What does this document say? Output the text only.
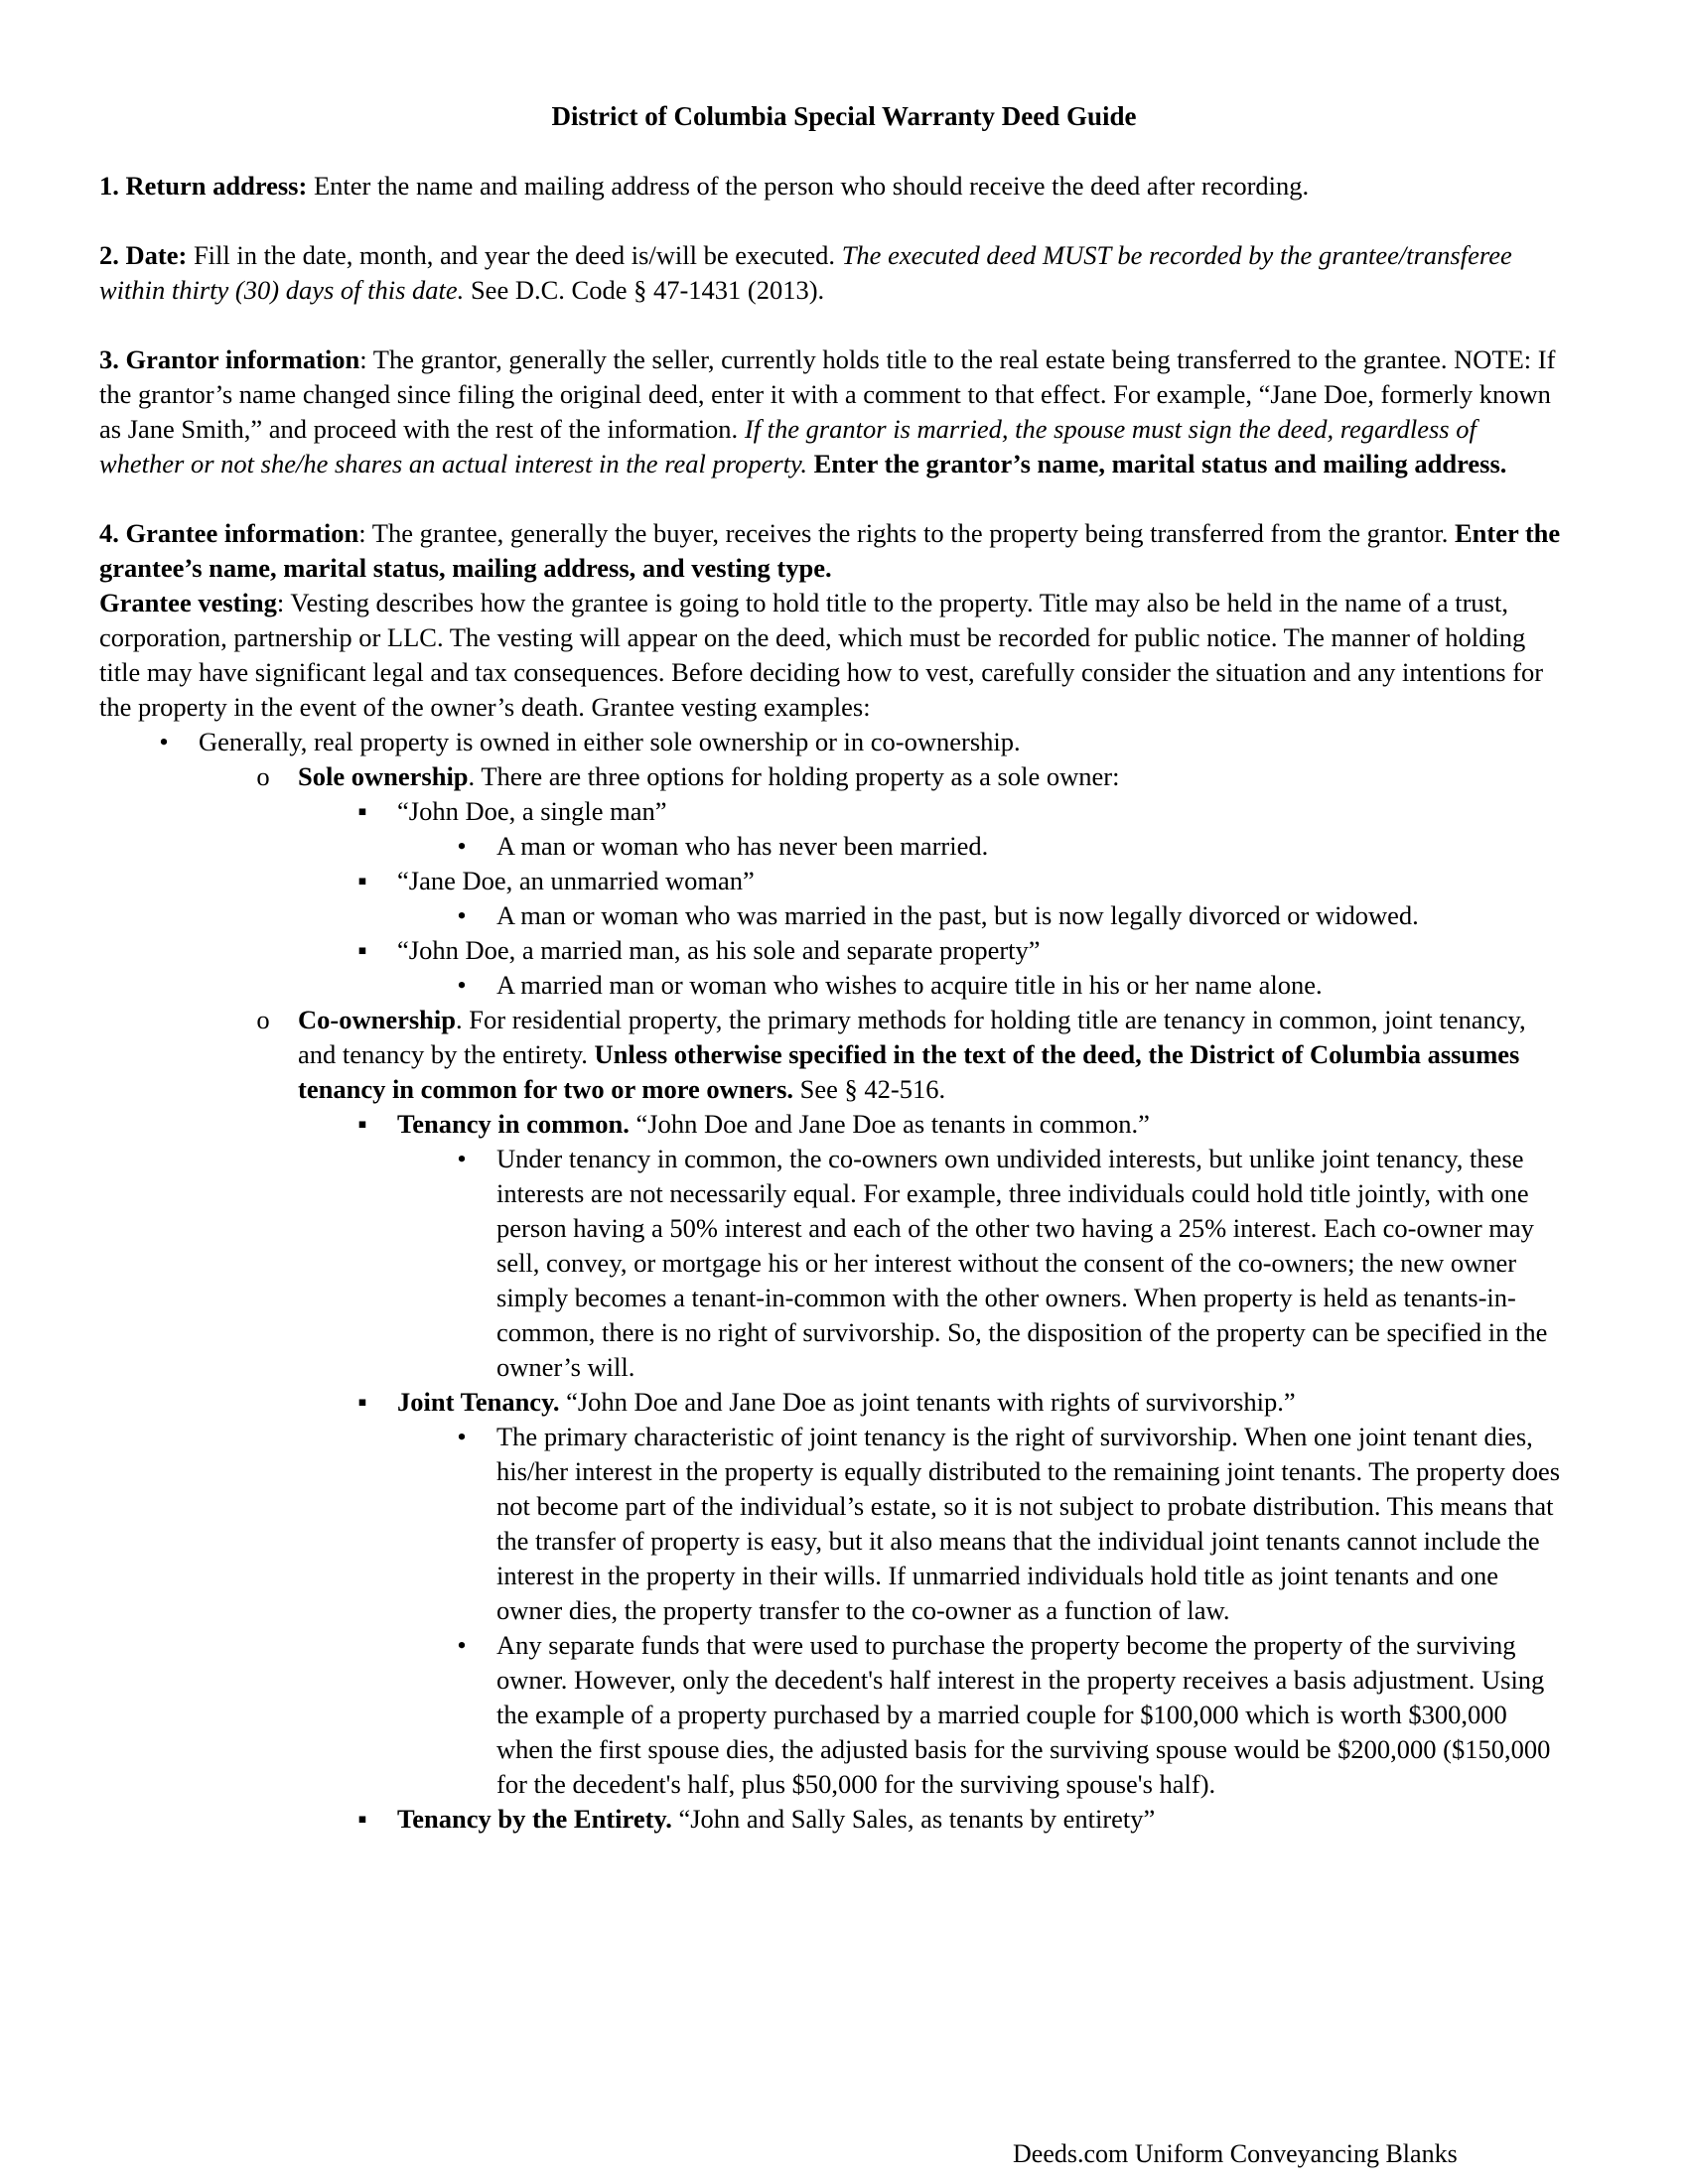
District of Columbia Special Warranty Deed Guide

1. Return address: Enter the name and mailing address of the person who should receive the deed after recording.

2. Date: Fill in the date, month, and year the deed is/will be executed. The executed deed MUST be recorded by the grantee/transferee within thirty (30) days of this date. See D.C. Code § 47-1431 (2013).

3. Grantor information: The grantor, generally the seller, currently holds title to the real estate being transferred to the grantee. NOTE: If the grantor’s name changed since filing the original deed, enter it with a comment to that effect. For example, “Jane Doe, formerly known as Jane Smith,” and proceed with the rest of the information. If the grantor is married, the spouse must sign the deed, regardless of whether or not she/he shares an actual interest in the real property. Enter the grantor’s name, marital status and mailing address.

4. Grantee information: The grantee, generally the buyer, receives the rights to the property being transferred from the grantor. Enter the grantee’s name, marital status, mailing address, and vesting type.

Grantee vesting: Vesting describes how the grantee is going to hold title to the property. Title may also be held in the name of a trust, corporation, partnership or LLC. The vesting will appear on the deed, which must be recorded for public notice. The manner of holding title may have significant legal and tax consequences. Before deciding how to vest, carefully consider the situation and any intentions for the property in the event of the owner’s death. Grantee vesting examples:

•	Generally, real property is owned in either sole ownership or in co-ownership.
o	Sole ownership. There are three options for holding property as a sole owner:
▪	“John Doe, a single man”
•	A man or woman who has never been married.
▪	“Jane Doe, an unmarried woman”
•	A man or woman who was married in the past, but is now legally divorced or widowed.
▪	“John Doe, a married man, as his sole and separate property”
•	A married man or woman who wishes to acquire title in his or her name alone.
o	Co-ownership. For residential property, the primary methods for holding title are tenancy in common, joint tenancy, and tenancy by the entirety. Unless otherwise specified in the text of the deed, the District of Columbia assumes tenancy in common for two or more owners. See § 42-516.
▪	Tenancy in common. “John Doe and Jane Doe as tenants in common.”
•	Under tenancy in common, the co-owners own undivided interests, but unlike joint tenancy, these interests are not necessarily equal. For example, three individuals could hold title jointly, with one person having a 50% interest and each of the other two having a 25% interest. Each co-owner may sell, convey, or mortgage his or her interest without the consent of the co-owners; the new owner simply becomes a tenant-in-common with the other owners. When property is held as tenants-in-common, there is no right of survivorship. So, the disposition of the property can be specified in the owner’s will.
▪	Joint Tenancy. “John Doe and Jane Doe as joint tenants with rights of survivorship.”
•	The primary characteristic of joint tenancy is the right of survivorship. When one joint tenant dies, his/her interest in the property is equally distributed to the remaining joint tenants. The property does not become part of the individual’s estate, so it is not subject to probate distribution. This means that the transfer of property is easy, but it also means that the individual joint tenants cannot include the interest in the property in their wills. If unmarried individuals hold title as joint tenants and one owner dies, the property transfer to the co-owner as a function of law.
•	Any separate funds that were used to purchase the property become the property of the surviving owner. However, only the decedent's half interest in the property receives a basis adjustment. Using the example of a property purchased by a married couple for $100,000 which is worth $300,000 when the first spouse dies, the adjusted basis for the surviving spouse would be $200,000 ($150,000 for the decedent's half, plus $50,000 for the surviving spouse's half).
▪	Tenancy by the Entirety. “John and Sally Sales, as tenants by entirety”
Deeds.com Uniform Conveyancing Blanks
